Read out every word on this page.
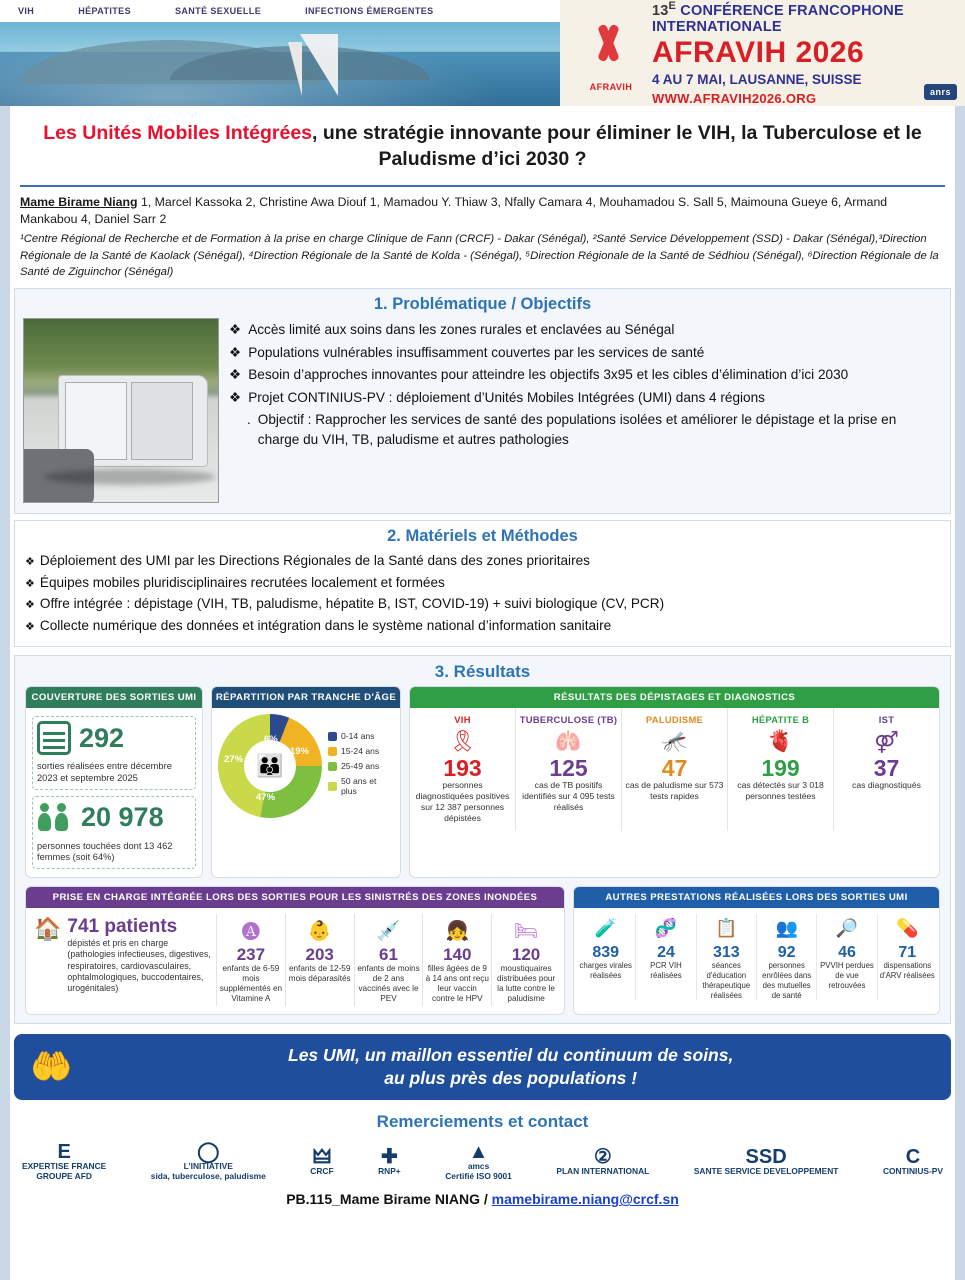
VIH	HÉPATITES	SANTÉ SEXUELLE	INFECTIONS ÉMERGENTES
AFRAVIH
$13^E$ CONFÉRENCE FRANCOPHONE INTERNATIONALE
AFRAVIH 2026
4 AU 7 MAI, LAUSANNE, SUISSE
WWW.AFRAVIH2026.ORG	anrs
Les Unités Mobiles Intégrées, une stratégie innovante pour éliminer le VIH, la Tuberculose et le Paludisme d’ici 2030 ?
Mame Birame Niang 1, Marcel Kassoka 2, Christine Awa Diouf 1, Mamadou Y. Thiaw 3, Nfally Camara 4, Mouhamadou S. Sall 5, Maimouna Gueye 6, Armand Mankabou 4, Daniel Sarr 2
¹Centre Régional de Recherche et de Formation à la prise en charge Clinique de Fann (CRCF) - Dakar (Sénégal), ²Santé Service Développement (SSD) - Dakar (Sénégal),³Direction Régionale de la Santé de Kaolack (Sénégal), ⁴Direction Régionale de la Santé de Kolda - (Sénégal), ⁵Direction Régionale de la Santé de Sédhiou (Sénégal), ⁶Direction Régionale de la Santé de Ziguinchor (Sénégal)
1. Problématique / Objectifs
❖ Accès limité aux soins dans les zones rurales et enclavées au Sénégal
❖ Populations vulnérables insuffisamment couvertes par les services de santé
❖ Besoin d’approches innovantes pour atteindre les objectifs 3x95 et les cibles d’élimination d’ici 2030
❖ Projet CONTINIUS-PV : déploiement d’Unités Mobiles Intégrées (UMI) dans 4 régions
. Objectif : Rapprocher les services de santé des populations isolées et améliorer le dépistage et la prise en charge du VIH, TB, paludisme et autres pathologies
2. Matériels et Méthodes
❖ Déploiement des UMI par les Directions Régionales de la Santé dans des zones prioritaires
❖ Équipes mobiles pluridisciplinaires recrutées localement et formées
❖ Offre intégrée : dépistage (VIH, TB, paludisme, hépatite B, IST, COVID-19) + suivi biologique (CV, PCR)
❖ Collecte numérique des données et intégration dans le système national d’information sanitaire
3. Résultats
COUVERTURE DES SORTIES UMI
292
sorties réalisées entre décembre 2023 et septembre 2025
20 978
personnes touchées dont 13 462 femmes (soit 64%)
RÉPARTITION PAR TRANCHE D'ÂGE
👪
6%
19%
27%
47%
0-14 ans
15-24 ans
25-49 ans
50 ans et plus
RÉSULTATS DES DÉPISTAGES ET DIAGNOSTICS
VIH
🎗
193
personnes diagnostiquées positives sur 12 387 personnes dépistées
TUBERCULOSE (TB)
🫁
125
cas de TB positifs identifiés sur 4 095 tests réalisés
PALUDISME
🦟
47
cas de paludisme sur 573 tests rapides
HÉPATITE B
🫀
199
cas détectés sur 3 018 personnes testées
IST
⚤
37
cas diagnostiqués
PRISE EN CHARGE INTÉGRÉE LORS DES SORTIES POUR LES SINISTRÉS DES ZONES INONDÉES
🏠 741 patients
dépistés et pris en charge (pathologies infectieuses, digestives, respiratoires, cardiovasculaires, ophtalmologiques, buccodentaires, urogénitales)
🅐
237
enfants de 6-59 mois supplémentés en Vitamine A
👶
203
enfants de 12-59 mois déparasités
💉
61
enfants de moins de 2 ans vaccinés avec le PEV
👧
140
filles âgées de 9 à 14 ans ont reçu leur vaccin contre le HPV
🛏
120
moustiquaires distribuées pour la lutte contre le paludisme
AUTRES PRESTATIONS RÉALISÉES LORS DES SORTIES UMI
🧪
839
charges virales réalisées
🧬
24
PCR VIH réalisées
📋
313
séances d'éducation thérapeutique réalisées
👥
92
personnes enrôlées dans des mutuelles de santé
🔎
46
PVVIH perdues de vue retrouvées
💊
71
dispensations d'ARV réalisées
🤲	Les UMI, un maillon essentiel du continuum de soins,
au plus près des populations !
Remerciements et contact
E
EXPERTISE FRANCE
GROUPE AFD
◯
L’INITIATIVE
sida, tuberculose, paludisme
🜲
CRCF
✚
RNP+
▲
amcs
Certifié ISO 9001
②
PLAN INTERNATIONAL
SSD
SANTE SERVICE DEVELOPPEMENT
C
CONTINIUS-PV
PB.115_Mame Birame NIANG / mamebirame.niang@crcf.sn
